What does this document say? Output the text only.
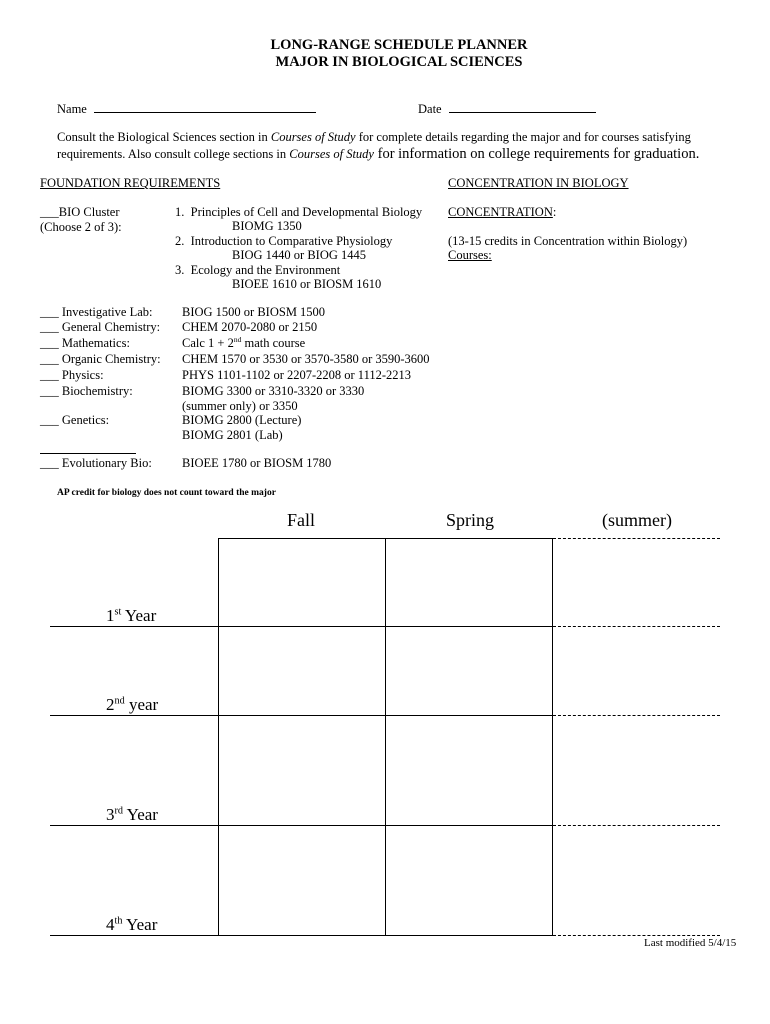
LONG-RANGE SCHEDULE PLANNER
MAJOR IN BIOLOGICAL SCIENCES
Name	Date
Consult the Biological Sciences section in Courses of Study for complete details regarding the major and for courses satisfying
requirements. Also consult college sections in Courses of Study for information on college requirements for graduation.
FOUNDATION REQUIREMENTS	CONCENTRATION IN BIOLOGY
___BIO Cluster
(Choose 2 of 3):
1. Principles of Cell and Developmental Biology
BIOMG 1350
2. Introduction to Comparative Physiology
BIOG 1440 or BIOG 1445
3. Ecology and the Environment
BIOEE 1610 or BIOSM 1610
CONCENTRATION:
(13-15 credits in Concentration within Biology)
Courses:
___ Investigative Lab: BIOG 1500 or BIOSM 1500
___ General Chemistry: CHEM 2070-2080 or 2150
___ Mathematics:	Calc 1 + 2nd math course
___ Organic Chemistry: CHEM 1570 or 3530 or 3570-3580 or 3590-3600
___ Physics:	PHYS 1101-1102 or 2207-2208 or 1112-2213
___ Biochemistry:	BIOMG 3300 or 3310-3320 or 3330
(summer only) or 3350
___ Genetics:	BIOMG 2800 (Lecture)
BIOMG 2801 (Lab)
___ Evolutionary Bio: BIOEE 1780 or BIOSM 1780
AP credit for biology does not count toward the major
Fall	Spring	(summer)
1st Year
2nd year
3rd Year
4th Year
Last modified 5/4/15
